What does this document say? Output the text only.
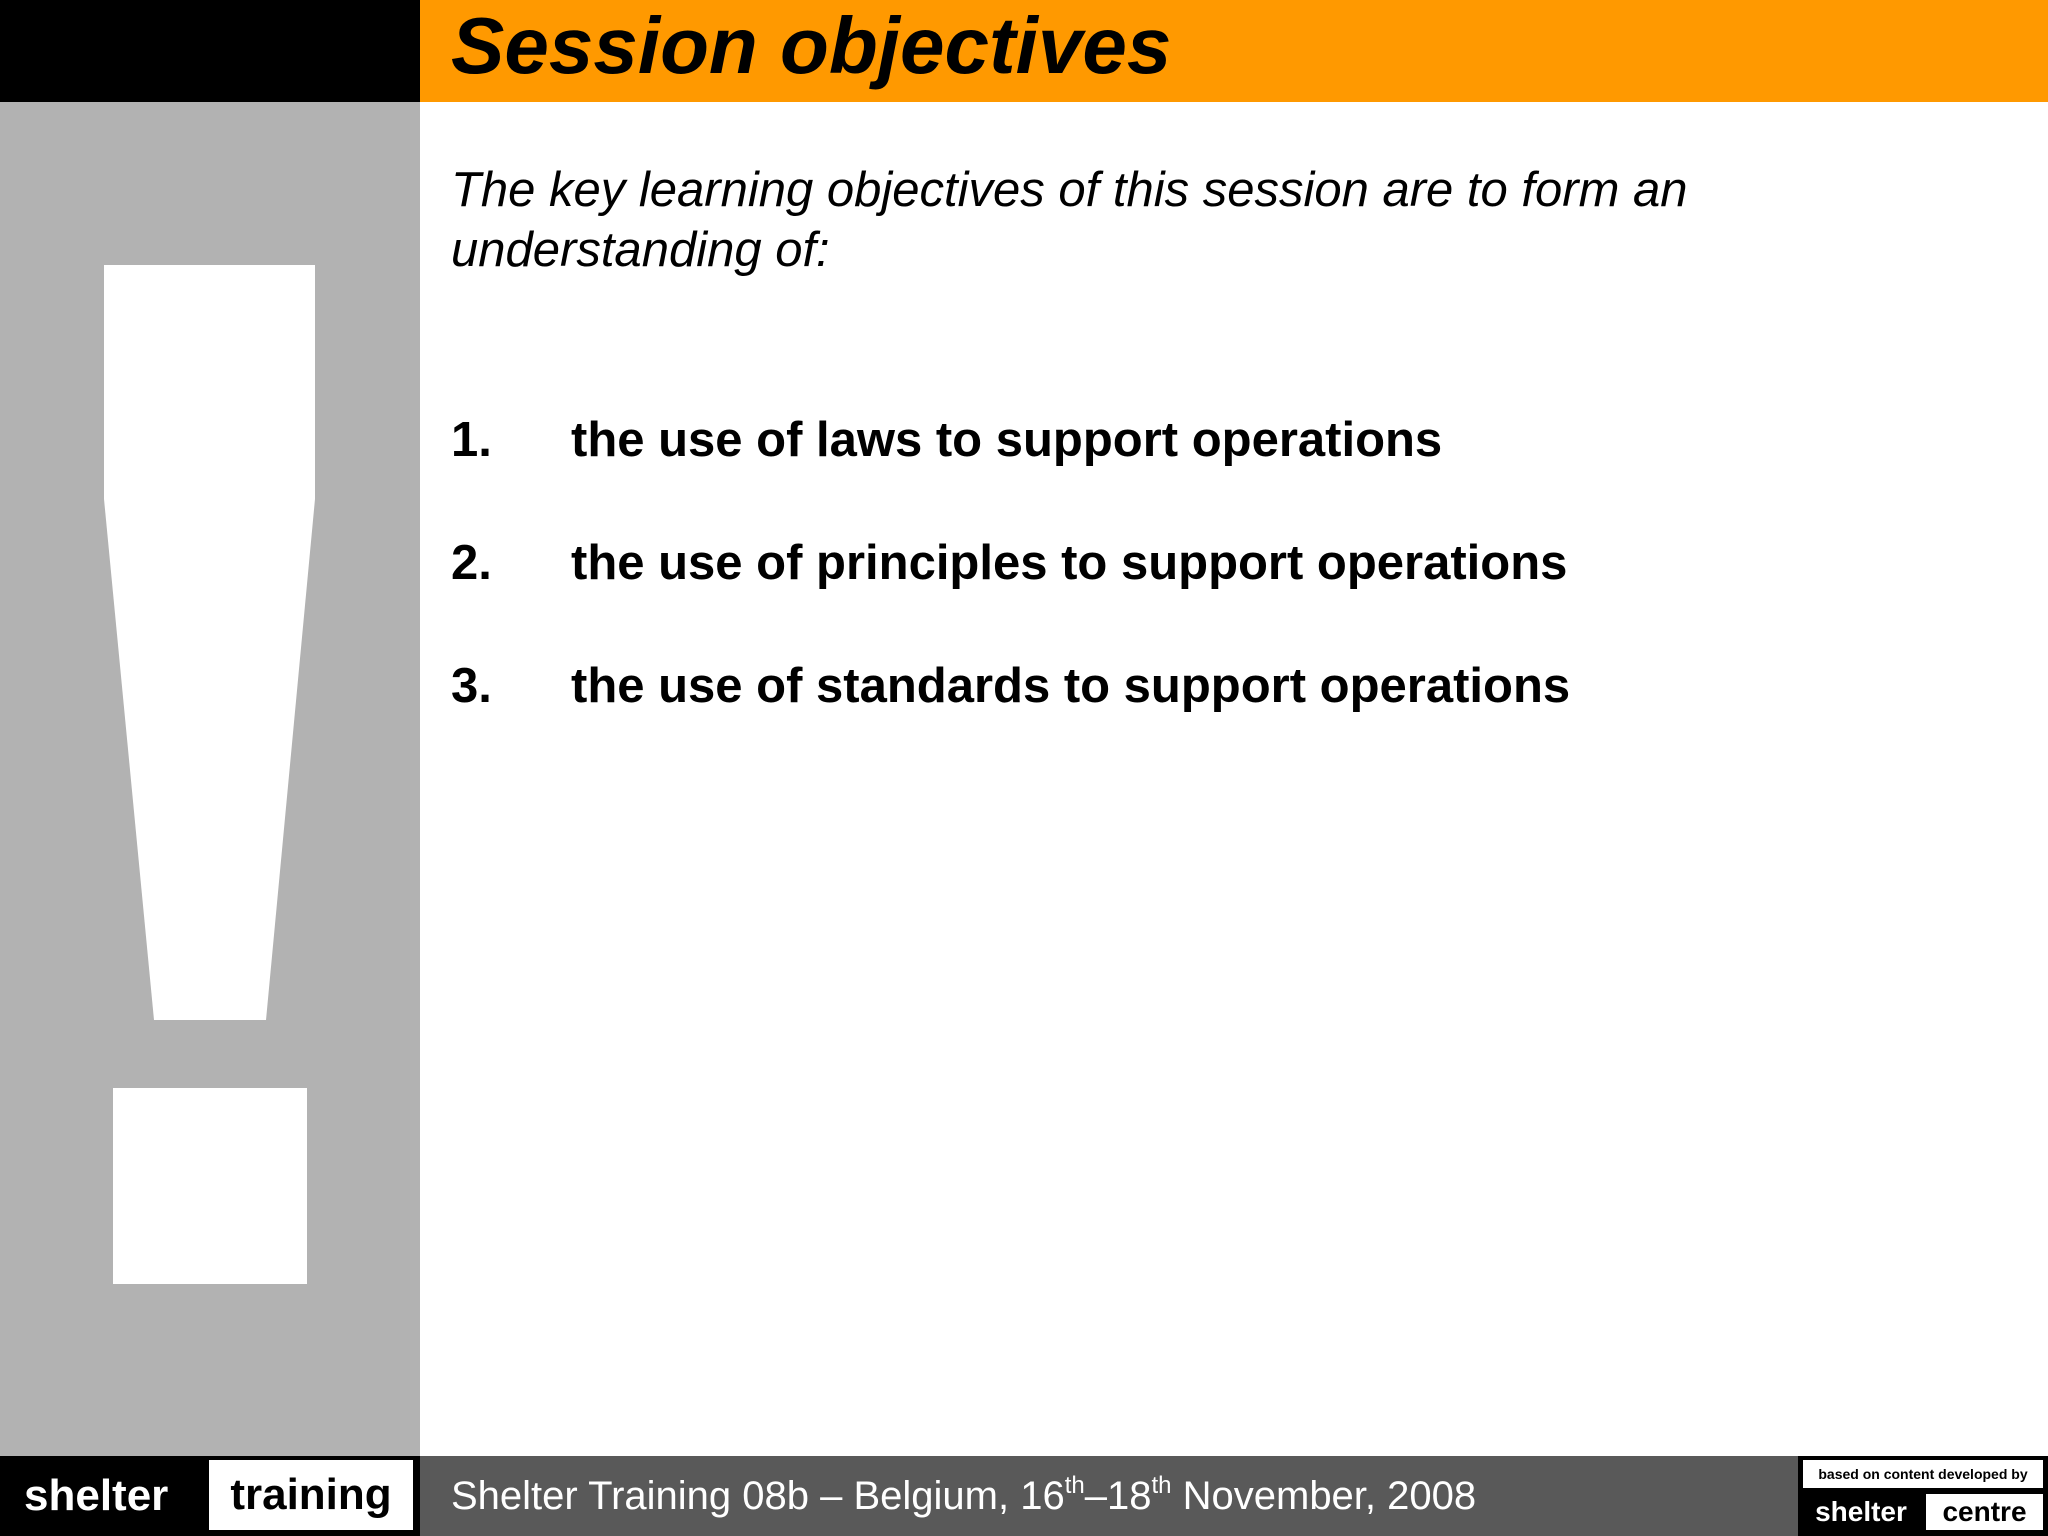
Session objectives

The key learning objectives of this session are to form an understanding of:

1.	the use of laws to support operations
2.	the use of principles to support operations
3.	the use of standards to support operations
shelter	training	Shelter Training 08b – Belgium, 16th–18th November, 2008	based on content developed by
shelter	centre
